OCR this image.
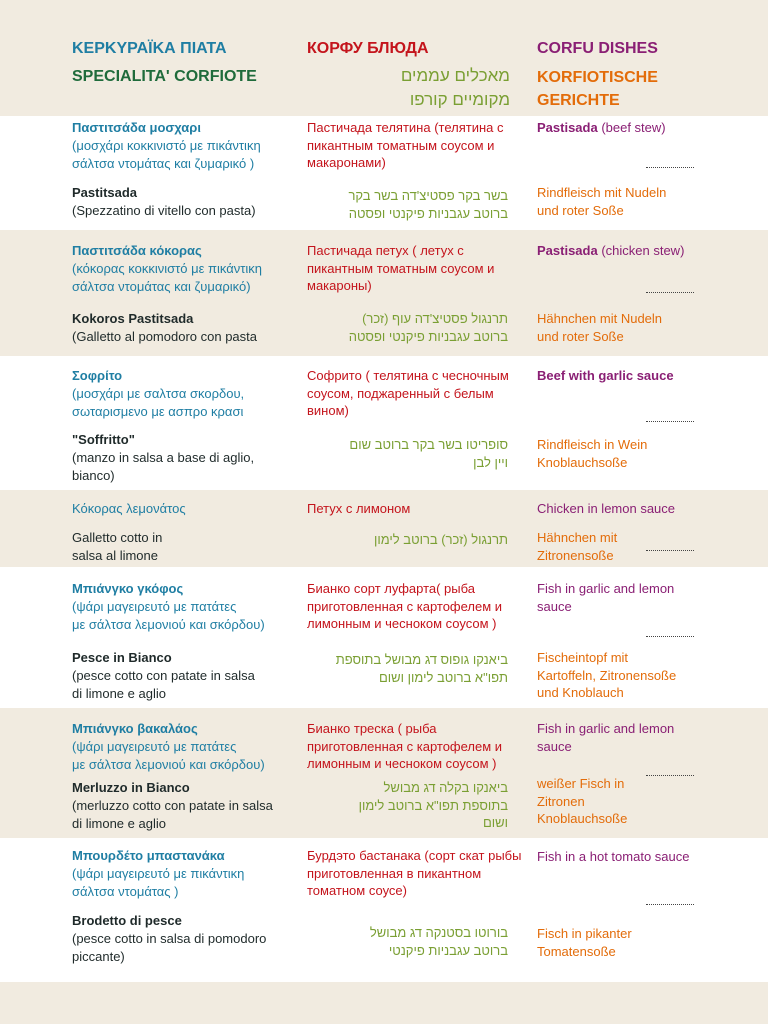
ΚΕΡΚΥΡΑΪΚΑ ΠΙΑΤΑ
SPECIALITA' CORFIOTE
КОРФУ БЛЮДА
מאכלים עממים
מקומיים קורפו
CORFU DISHES
KORFIOTISCHE
GERICHTE
Παστιτσάδα μοσχαρι
(μοσχάρι κοκκινιστό με πικάντικη
σάλτσα ντομάτας και ζυμαρικό )
Pastitsada
(Spezzatino di vitello con pasta)
Пастичада телятина (телятина с
пикантным томатным соусом и
макаронами)
בשר בקר פסטיצ'דה בשר בקר
ברוטב עגבניות פיקנטי ופסטה
Pastisada (beef stew)
Rindfleisch mit Nudeln
und roter Soße
Παστιτσάδα κόκορας
(κόκορας κοκκινιστό με πικάντικη
σάλτσα ντομάτας και ζυμαρικό)
Kokoros Pastitsada
(Galletto al pomodoro con pasta
Пастичада петух ( летух с
пикантным томатным соусом и
макароны)
תרנגול פסטיצ'דה עוף (זכר)
ברוטב עגבניות פיקנטי ופסטה
Pastisada (chicken stew)
Hähnchen mit Nudeln
und roter Soße
Σοφρίτο
(μοσχάρι με σαλτσα σκορδου,
σωταρισμενο με ασπρο κρασι
"Soffritto"
(manzo in salsa a base di aglio,
bianco)
Софрито ( телятина с чесночным
соусом, поджаренный с белым
вином)
סופריטו בשר בקר ברוטב שום
ויין לבן
Beef with garlic sauce
Rindfleisch in Wein
Knoblauchsoße
Κόκορας λεμονάτος
Galletto cotto in
salsa al limone
Петух с лимоном
תרנגול (זכר) ברוטב לימון
Chicken in lemon sauce
Hähnchen mit
Zitronensoße
Μπιάνγκο γκόφος
(ψάρι μαγειρευτό με πατάτες
με σάλτσα λεμονιού και σκόρδου)
Pesce in Bianco
(pesce cotto con patate in salsa
di limone e aglio
Бианко сорт луфарта( рыба
приготовленная с картофелем и
лимонным и чесноком соусом )
ביאנקו גופוס דג מבושל בתוספת
תפו"א ברוטב לימון ושום
Fish in garlic and lemon
sauce
Fischeintopf mit
Kartoffeln, Zitronensoße
und Knoblauch
Μπιάνγκο βακαλάος
(ψάρι μαγειρευτό με πατάτες
με σάλτσα λεμονιού και σκόρδου)
Merluzzo in Bianco
(merluzzo cotto con patate in salsa
di limone e aglio
Бианко треска ( рыба
приготовленная с картофелем и
лимонным и чесноком соусом )
ביאנקו בקלה דג מבושל
בתוספת תפו"א ברוטב לימון
ושום
Fish in garlic and lemon
sauce
weißer Fisch in
Zitronen
Knoblauchsoße
Μπουρδέτο μπαστανάκα
(ψάρι μαγειρευτό με πικάντικη
σάλτσα ντομάτας )
Brodetto di pesce
(pesce cotto in salsa di pomodoro
piccante)
Бурдэто бастанака (сорт скат рыбы
приготовленная в пикантном
томатном соусе)
בורוטו בסטנקה דג מבושל
ברוטב עגבניות פיקנטי
Fish in a hot tomato sauce
Fisch in pikanter
Tomatensoße
